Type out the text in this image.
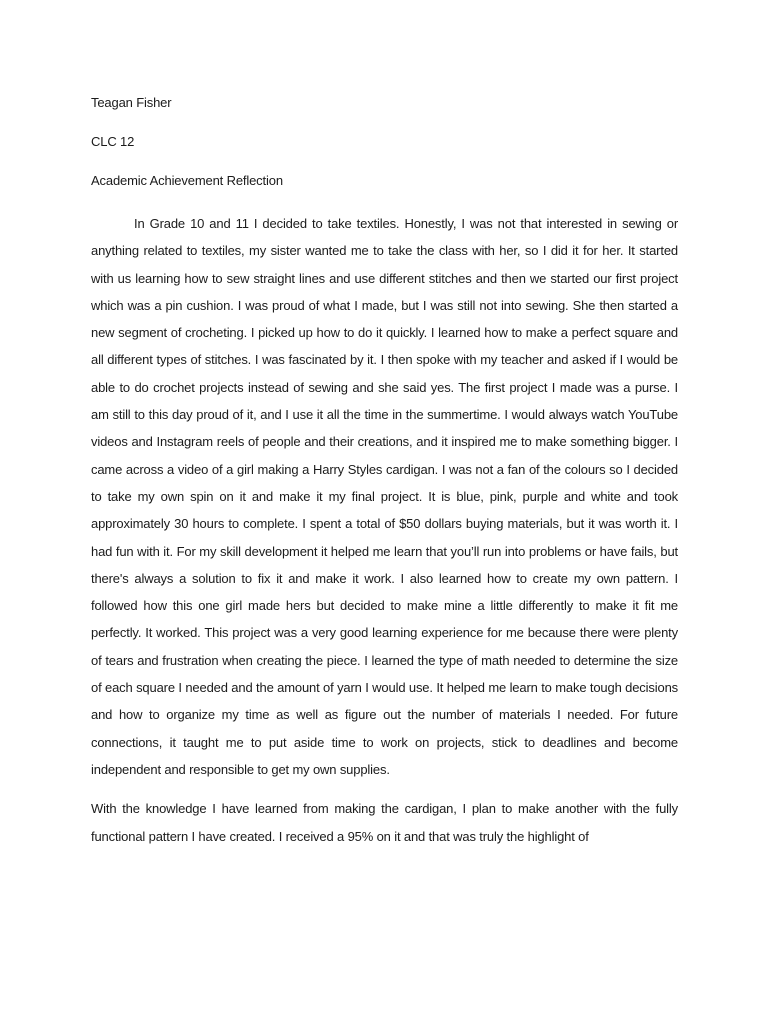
Teagan Fisher

CLC 12

Academic Achievement Reflection

In Grade 10 and 11 I decided to take textiles. Honestly, I was not that interested in sewing or anything related to textiles, my sister wanted me to take the class with her, so I did it for her. It started with us learning how to sew straight lines and use different stitches and then we started our first project which was a pin cushion. I was proud of what I made, but I was still not into sewing. She then started a new segment of crocheting. I picked up how to do it quickly. I learned how to make a perfect square and all different types of stitches. I was fascinated by it. I then spoke with my teacher and asked if I would be able to do crochet projects instead of sewing and she said yes. The first project I made was a purse. I am still to this day proud of it, and I use it all the time in the summertime. I would always watch YouTube videos and Instagram reels of people and their creations, and it inspired me to make something bigger. I came across a video of a girl making a Harry Styles cardigan. I was not a fan of the colours so I decided to take my own spin on it and make it my final project. It is blue, pink, purple and white and took approximately 30 hours to complete. I spent a total of $50 dollars buying materials, but it was worth it. I had fun with it. For my skill development it helped me learn that you’ll run into problems or have fails, but there's always a solution to fix it and make it work. I also learned how to create my own pattern. I followed how this one girl made hers but decided to make mine a little differently to make it fit me perfectly. It worked. This project was a very good learning experience for me because there were plenty of tears and frustration when creating the piece. I learned the type of math needed to determine the size of each square I needed and the amount of yarn I would use. It helped me learn to make tough decisions and how to organize my time as well as figure out the number of materials I needed. For future connections, it taught me to put aside time to work on projects, stick to deadlines and become independent and responsible to get my own supplies.

With the knowledge I have learned from making the cardigan, I plan to make another with the fully functional pattern I have created. I received a 95% on it and that was truly the highlight of
